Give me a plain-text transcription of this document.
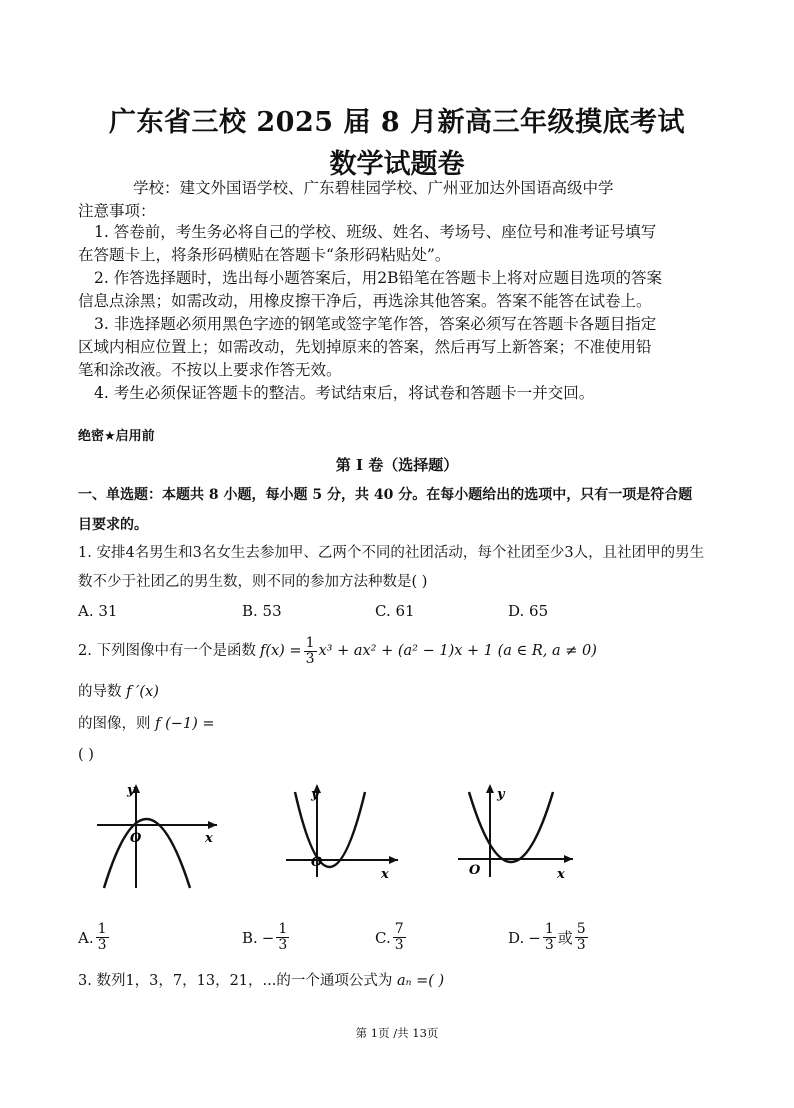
广东省三校 2025 届 8 月新高三年级摸底考试
数学试题卷
学校：建文外国语学校、广东碧桂园学校、广州亚加达外国语高级中学
注意事项：
1. 答卷前，考生务必将自己的学校、班级、姓名、考场号、座位号和准考证号填写
在答题卡上，将条形码横贴在答题卡“条形码粘贴处”。
2. 作答选择题时，选出每小题答案后，用2B铅笔在答题卡上将对应题目选项的答案
信息点涂黑；如需改动，用橡皮擦干净后，再选涂其他答案。答案不能答在试卷上。
3. 非选择题必须用黑色字迹的钢笔或签字笔作答，答案必须写在答题卡各题目指定
区域内相应位置上；如需改动，先划掉原来的答案，然后再写上新答案；不准使用铅
笔和涂改液。不按以上要求作答无效。
4. 考生必须保证答题卡的整洁。考试结束后，将试卷和答题卡一并交回。
绝密★启用前
第 I 卷（选择题）
一、单选题：本题共 8 小题，每小题 5 分，共 40 分。在每小题给出的选项中，只有一项是符合题
目要求的。
1. 安排4名男生和3名女生去参加甲、乙两个不同的社团活动，每个社团至少3人，且社团甲的男生
数不少于社团乙的男生数，则不同的参加方法种数是( )
A. 31	B. 53	C. 61	D. 65
2. 下列图像中有一个是函数 $f(x) = \frac{1}{3} x^3 + ax^2 + (a^2 - 1)x + 1$ (a ∈ R, a ≠ 0)
的导数 f ′(x)
的图像，则 f (−1) =
( )
y
O	x
y
O
x
y
O	x
A. $\frac{1}{3}$	B. − $\frac{1}{3}$	C. $\frac{7}{3}$	D. − $\frac{1}{3}$ 或 $\frac{5}{3}$
3. 数列1，3，7，13，21，...的一个通项公式为 aₙ =( )
第 1页 /共 13页
